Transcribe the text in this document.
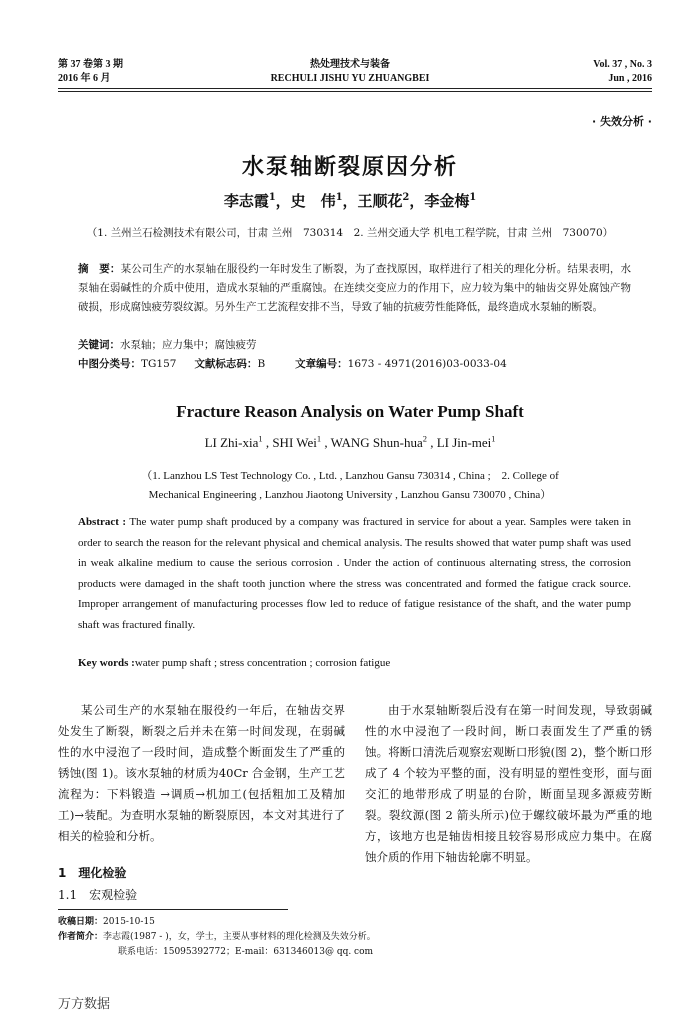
第 37 卷第 3 期
2016 年 6 月
热处理技术与装备
RECHULI JISHU YU ZHUANGBEI
Vol. 37 , No. 3
Jun , 2016
· 失效分析 ·
水泵轴断裂原因分析
李志霞$^1$，史　伟$^1$，王顺花$^2$，李金梅$^1$
（1. 兰州兰石检测技术有限公司，甘肃 兰州　730314　2. 兰州交通大学 机电工程学院，甘肃 兰州　730070）
摘　要：某公司生产的水泵轴在服役约一年时发生了断裂，为了查找原因，取样进行了相关的理化分析。结果表明，水泵轴在弱碱性的介质中使用，造成水泵轴的严重腐蚀。在连续交变应力的作用下，应力较为集中的轴齿交界处腐蚀产物破损，形成腐蚀疲劳裂纹源。另外生产工艺流程安排不当，导致了轴的抗疲劳性能降低，最终造成水泵轴的断裂。
关键词：水泵轴；应力集中；腐蚀疲劳
中图分类号：TG157 文献标志码：B	文章编号：1673 - 4971(2016)03-0033-04
Fracture Reason Analysis on Water Pump Shaft
LI Zhi-xia$^1$ , SHI Wei$^1$ , WANG Shun-hua$^2$ , LI Jin-mei$^1$
（1. Lanzhou LS Test Technology Co. , Ltd. , Lanzhou Gansu 730314 , China ;　2. College of
Mechanical Engineering , Lanzhou Jiaotong University , Lanzhou Gansu 730070 , China）
Abstract : The water pump shaft produced by a company was fractured in service for about a year. Samples were taken in order to search the reason for the relevant physical and chemical analysis. The results showed that water pump shaft was used in weak alkaline medium to cause the serious corrosion . Under the action of continuous alternating stress, the corrosion products were damaged in the shaft tooth junction where the stress was concentrated and formed the fatigue crack source. Improper arrangement of manufacturing processes flow led to reduce of fatigue resistance of the shaft, and the water pump shaft was fractured finally.
Key words :water pump shaft ; stress concentration ; corrosion fatigue
某公司生产的水泵轴在服役约一年后，在轴齿交界处发生了断裂，断裂之后并未在第一时间发现，在弱碱性的水中浸泡了一段时间，造成整个断面发生了严重的锈蚀(图 1)。该水泵轴的材质为40Cr 合金钢，生产工艺流程为：下料锻造 →调质→机加工(包括粗加工及精加工)→装配。为查明水泵轴的断裂原因，本文对其进行了相关的检验和分析。
1　理化检验
1.1　宏观检验
由于水泵轴断裂后没有在第一时间发现，导致弱碱性的水中浸泡了一段时间，断口表面发生了严重的锈蚀。将断口清洗后观察宏观断口形貌(图 2)，整个断口形成了 4 个较为平整的面，没有明显的塑性变形，面与面交汇的地带形成了明显的台阶，断面呈现多源疲劳断裂。裂纹源(图 2 箭头所示)位于螺纹破坏最为严重的地方，该地方也是轴齿相接且较容易形成应力集中。在腐蚀介质的作用下轴齿轮廓不明显。
收稿日期：2015-10-15
作者简介：李志霞(1987 - )，女，学士，主要从事材料的理化检测及失效分析。
联系电话：15095392772；E-mail：631346013@ qq. com
万方数据
